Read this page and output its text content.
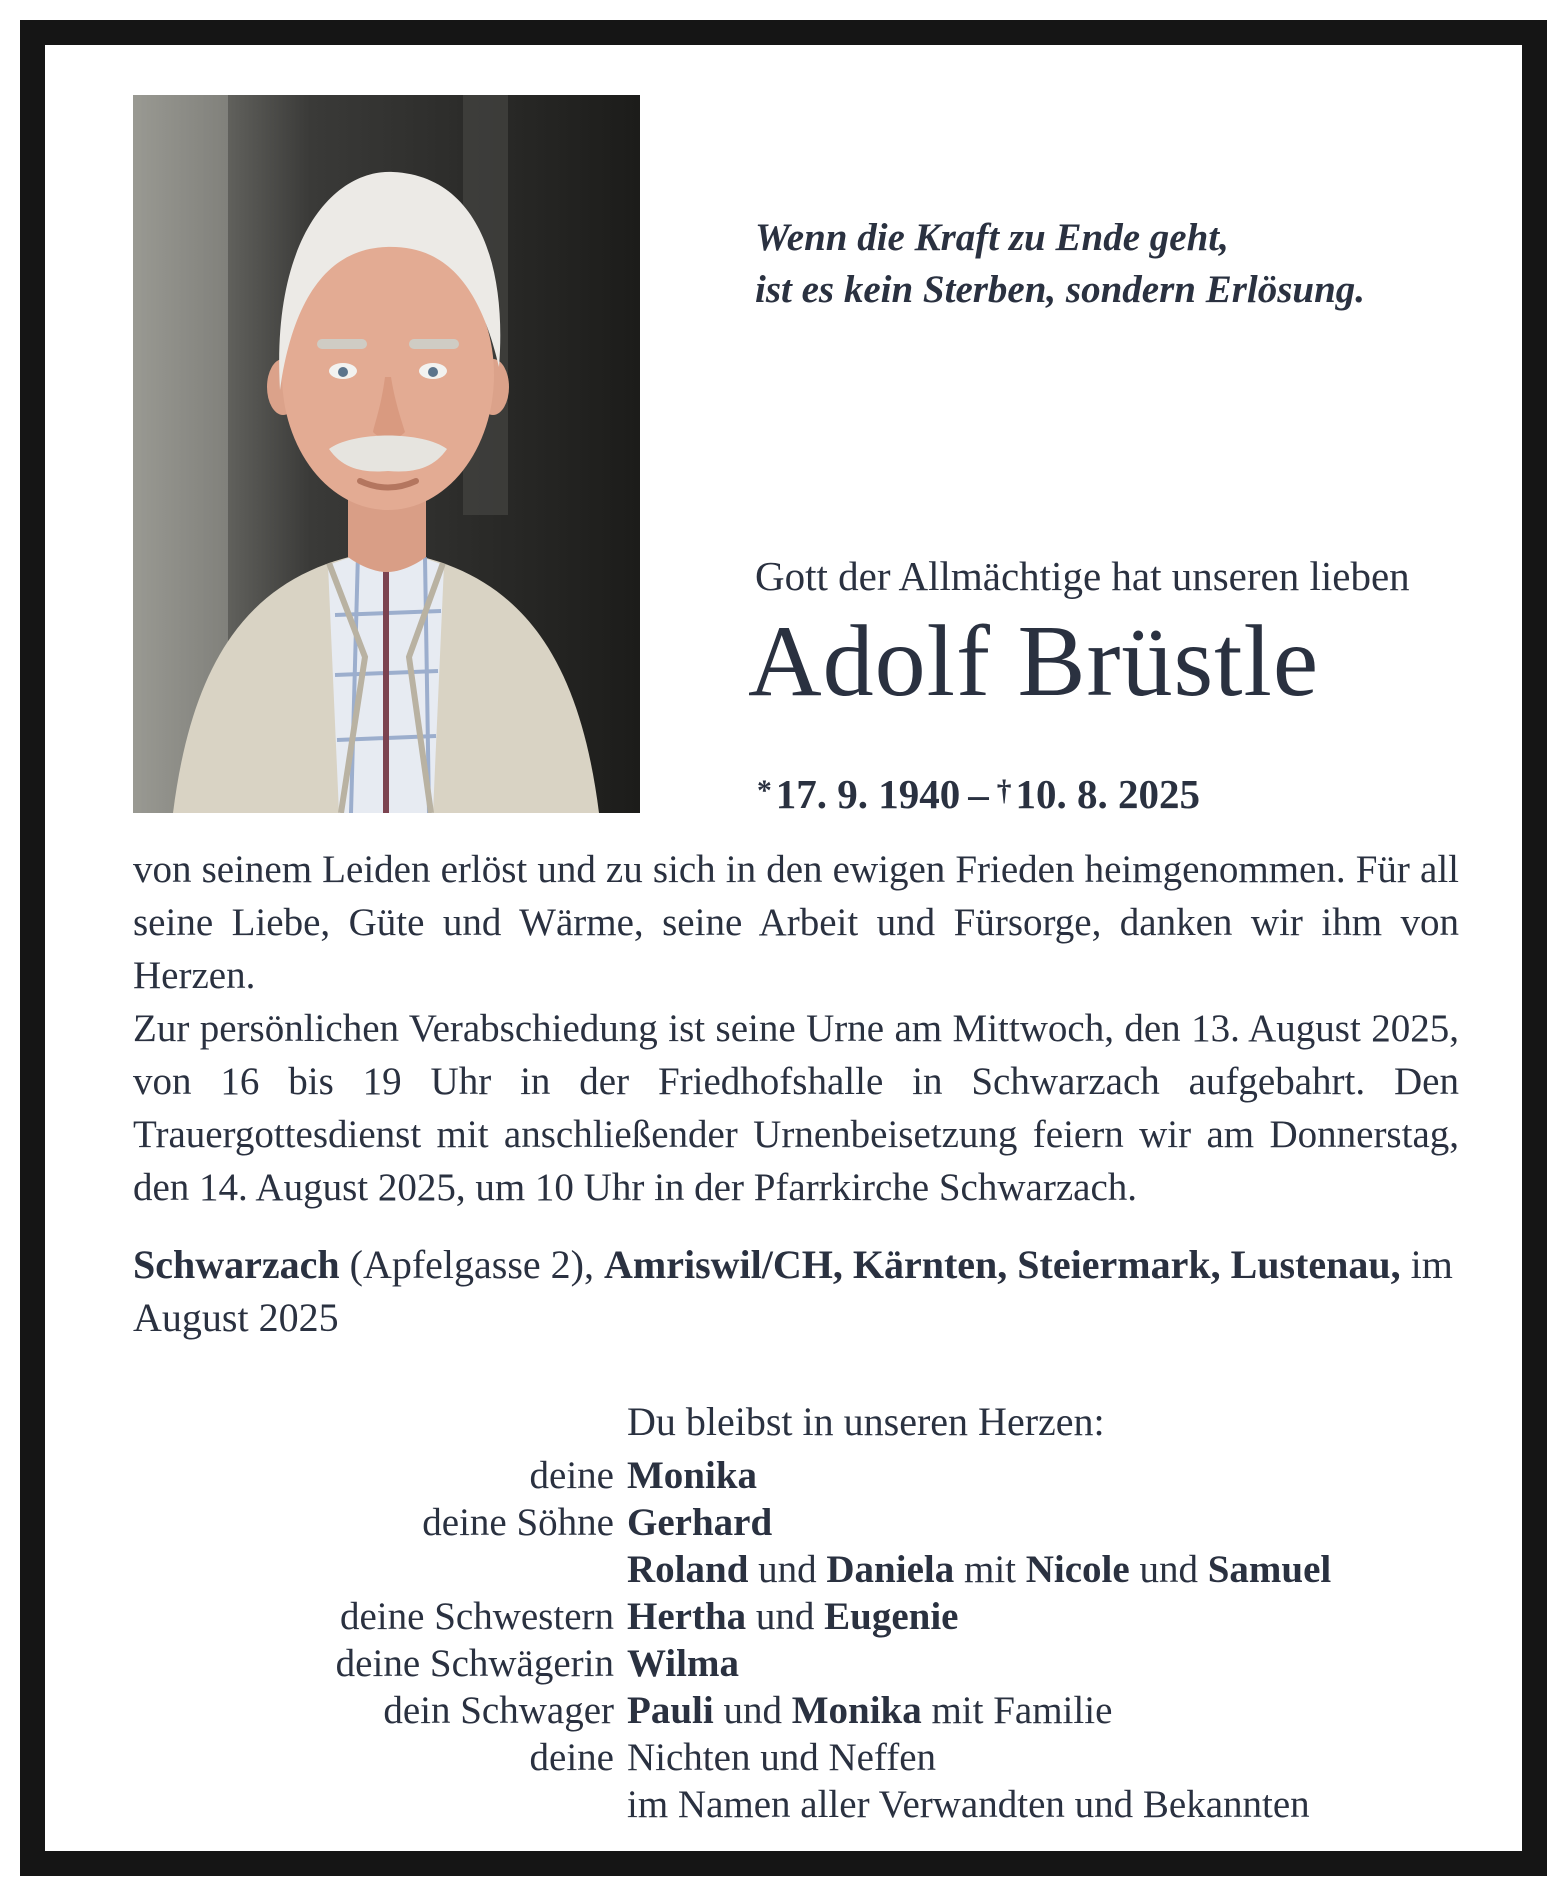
Wenn die Kraft zu Ende geht,
ist es kein Sterben, sondern Erlösung.

Gott der Allmächtige hat unseren lieben

Adolf Brüstle

*17. 9. 1940 – †10. 8. 2025

von seinem Leiden erlöst und zu sich in den ewigen Frieden heimgenommen. Für all seine Liebe, Güte und Wärme, seine Arbeit und Fürsorge, danken wir ihm von Herzen.

Zur persönlichen Verabschiedung ist seine Urne am Mittwoch, den 13. August 2025, von 16 bis 19 Uhr in der Friedhofshalle in Schwarzach aufgebahrt. Den Trauergottesdienst mit anschließender Urnenbeisetzung feiern wir am Donnerstag, den 14. August 2025, um 10 Uhr in der Pfarrkirche Schwarzach.

Schwarzach (Apfelgasse 2), Amriswil/CH, Kärnten, Steiermark, Lustenau, im August 2025

Du bleibst in unseren Herzen:

deine Monika
deine Söhne Gerhard
Roland und Daniela mit Nicole und Samuel
deine Schwestern Hertha und Eugenie
deine Schwägerin Wilma
dein Schwager Pauli und Monika mit Familie
deine Nichten und Neffen
im Namen aller Verwandten und Bekannten
